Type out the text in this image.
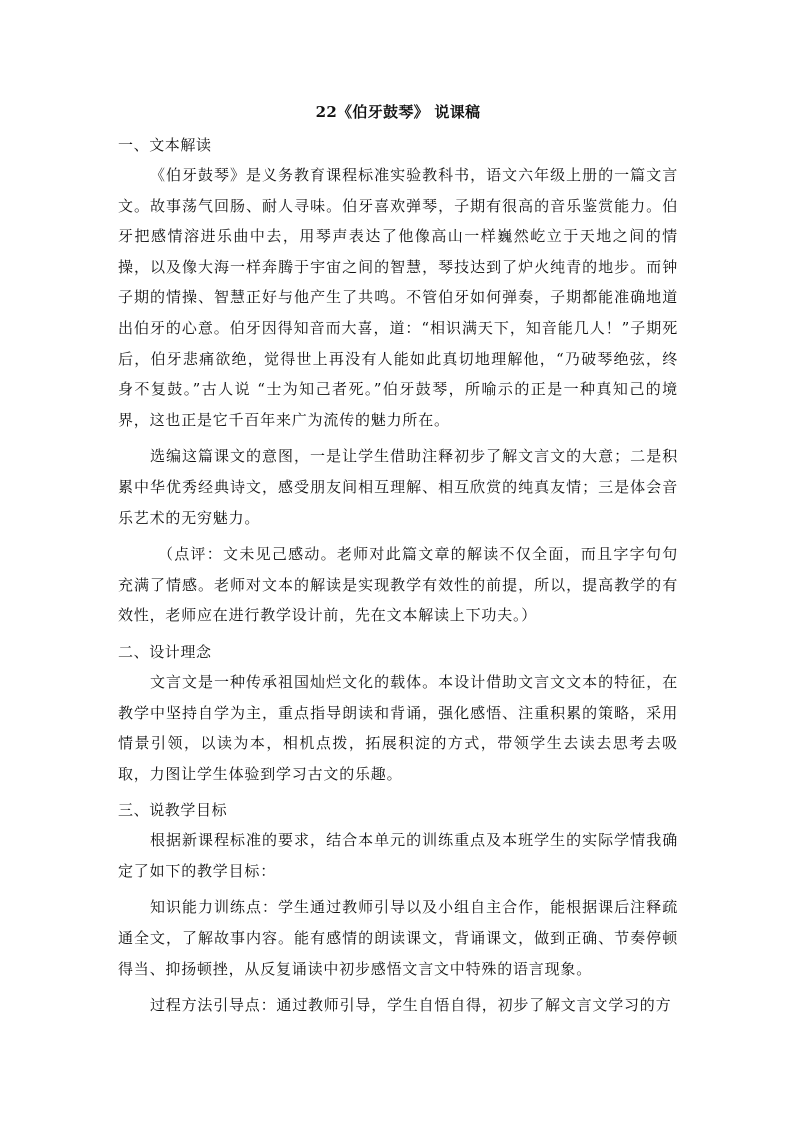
22《伯牙鼓琴》 说课稿
一、文本解读

《伯牙鼓琴》是义务教育课程标准实验教科书，语文六年级上册的一篇文言文。故事荡气回肠、耐人寻味。伯牙喜欢弹琴，子期有很高的音乐鉴赏能力。伯牙把感情溶进乐曲中去，用琴声表达了他像高山一样巍然屹立于天地之间的情操，以及像大海一样奔腾于宇宙之间的智慧，琴技达到了炉火纯青的地步。而钟子期的情操、智慧正好与他产生了共鸣。不管伯牙如何弹奏，子期都能准确地道出伯牙的心意。伯牙因得知音而大喜，道：“相识满天下，知音能几人！”子期死后，伯牙悲痛欲绝，觉得世上再没有人能如此真切地理解他，“乃破琴绝弦，终身不复鼓。”古人说 “士为知己者死。”伯牙鼓琴，所喻示的正是一种真知己的境界，这也正是它千百年来广为流传的魅力所在。

选编这篇课文的意图，一是让学生借助注释初步了解文言文的大意；二是积累中华优秀经典诗文，感受朋友间相互理解、相互欣赏的纯真友情；三是体会音乐艺术的无穷魅力。

（点评：文未见己感动。老师对此篇文章的解读不仅全面，而且字字句句充满了情感。老师对文本的解读是实现教学有效性的前提，所以，提高教学的有效性，老师应在进行教学设计前，先在文本解读上下功夫。）

二、设计理念

文言文是一种传承祖国灿烂文化的载体。本设计借助文言文文本的特征，在教学中坚持自学为主，重点指导朗读和背诵，强化感悟、注重积累的策略，采用情景引领，以读为本，相机点拨，拓展积淀的方式，带领学生去读去思考去吸取，力图让学生体验到学习古文的乐趣。

三、说教学目标

根据新课程标准的要求，结合本单元的训练重点及本班学生的实际学情我确定了如下的教学目标：

知识能力训练点：学生通过教师引导以及小组自主合作，能根据课后注释疏通全文，了解故事内容。能有感情的朗读课文，背诵课文，做到正确、节奏停顿得当、抑扬顿挫，从反复诵读中初步感悟文言文中特殊的语言现象。

过程方法引导点：通过教师引导，学生自悟自得，初步了解文言文学习的方
